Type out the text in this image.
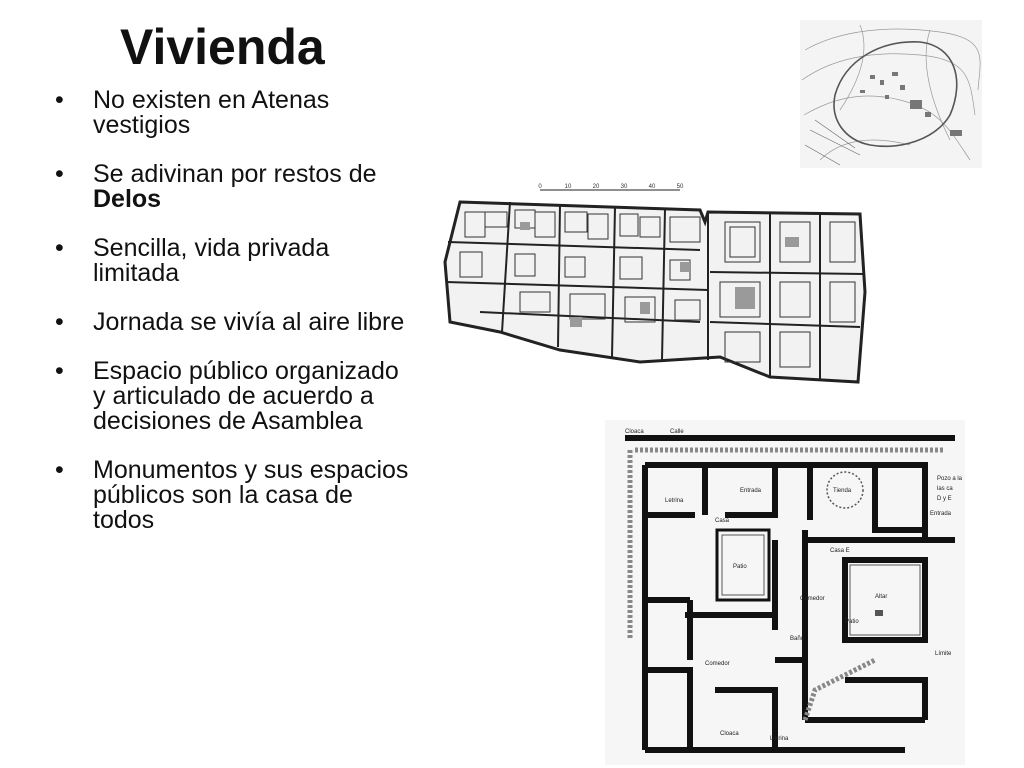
Vivienda
•	No existen en Atenas vestigios
•	Se adivinan por restos de Delos
•	Sencilla, vida privada limitada
•	Jornada se vivía al aire libre
•	Espacio público organizado y articulado de acuerdo a decisiones de Asamblea
•	Monumentos y sus espacios públicos son la casa de todos
0	10	20	30	40	50
Cloaca	Calle
Letrina
Entrada	Tienda
Pozo a la
las ca
D y E
Entrada
Casa
Casa E
Patio
Comedor	Altar
Patio
Comedor
Baño
Cloaca
Latrina
Límite
